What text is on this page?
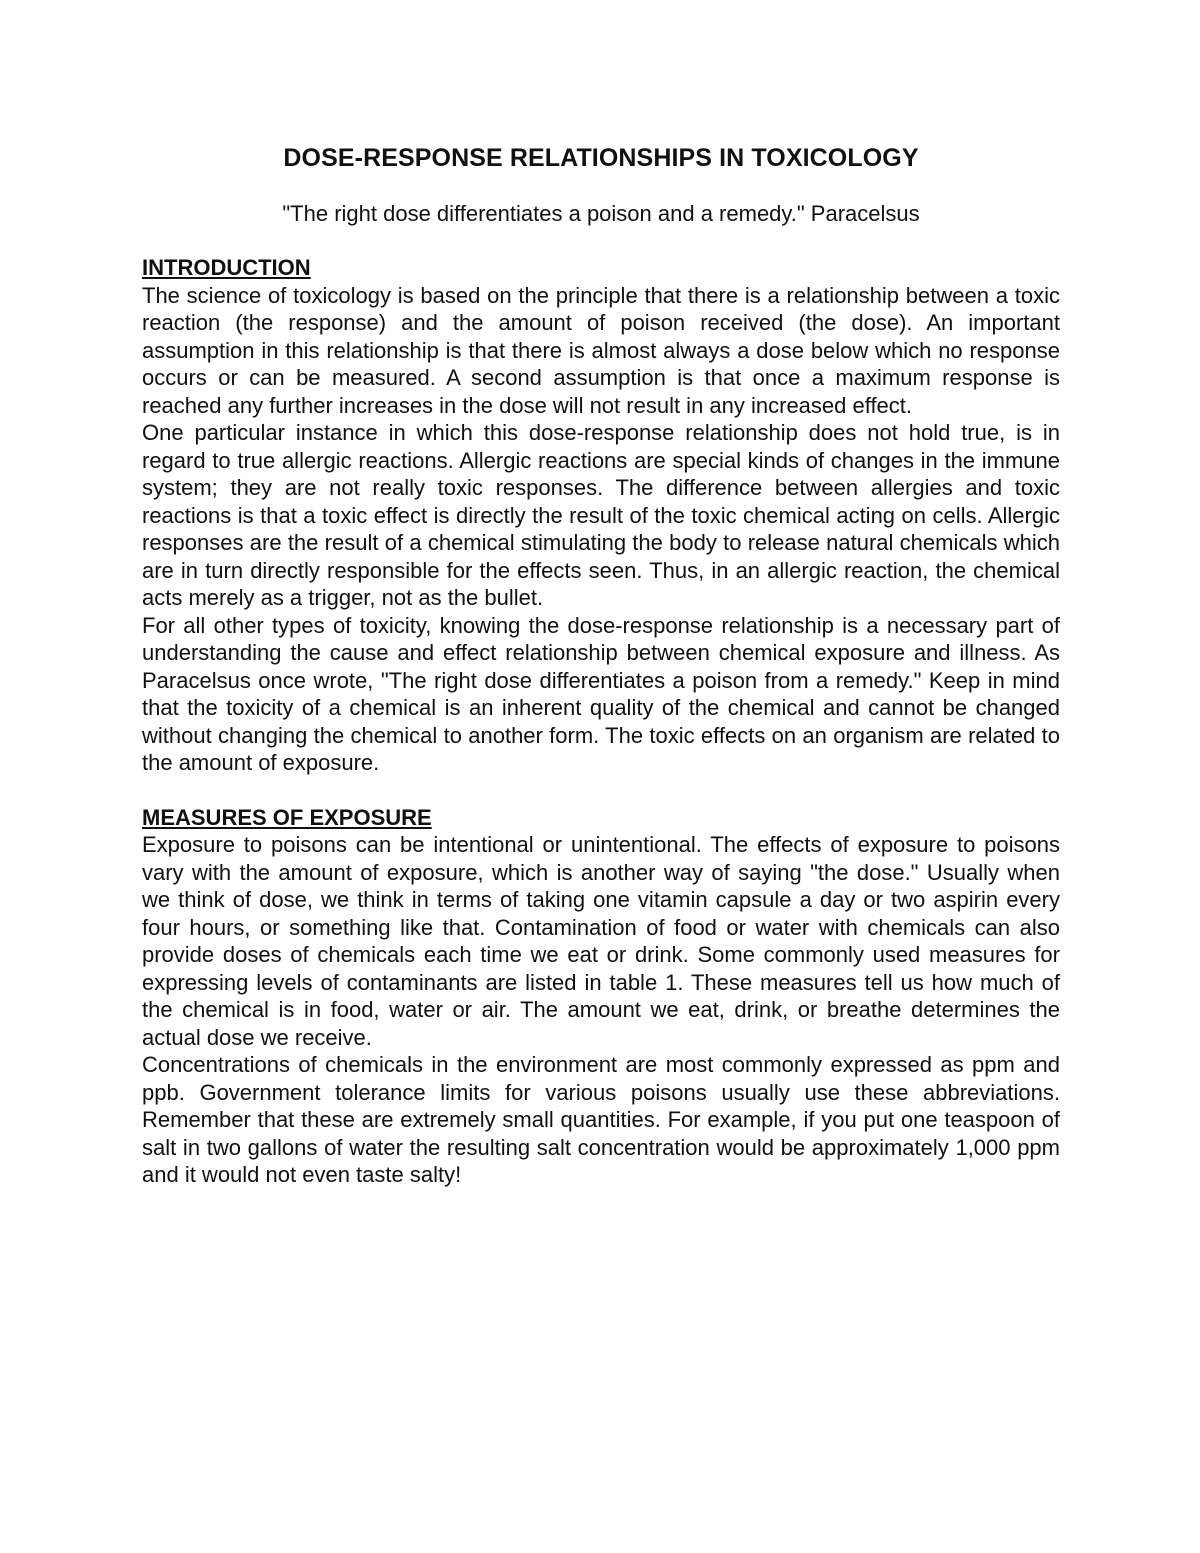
DOSE-RESPONSE RELATIONSHIPS IN TOXICOLOGY

"The right dose differentiates a poison and a remedy." Paracelsus

INTRODUCTION

The science of toxicology is based on the principle that there is a relationship between a toxic reaction (the response) and the amount of poison received (the dose). An important assumption in this relationship is that there is almost always a dose below which no response occurs or can be measured. A second assumption is that once a maximum response is reached any further increases in the dose will not result in any increased effect.

One particular instance in which this dose-response relationship does not hold true, is in regard to true allergic reactions. Allergic reactions are special kinds of changes in the immune system; they are not really toxic responses. The difference between allergies and toxic reactions is that a toxic effect is directly the result of the toxic chemical acting on cells. Allergic responses are the result of a chemical stimulating the body to release natural chemicals which are in turn directly responsible for the effects seen. Thus, in an allergic reaction, the chemical acts merely as a trigger, not as the bullet.

For all other types of toxicity, knowing the dose-response relationship is a necessary part of understanding the cause and effect relationship between chemical exposure and illness. As Paracelsus once wrote, "The right dose differentiates a poison from a remedy." Keep in mind that the toxicity of a chemical is an inherent quality of the chemical and cannot be changed without changing the chemical to another form. The toxic effects on an organism are related to the amount of exposure.

MEASURES OF EXPOSURE

Exposure to poisons can be intentional or unintentional. The effects of exposure to poisons vary with the amount of exposure, which is another way of saying "the dose." Usually when we think of dose, we think in terms of taking one vitamin capsule a day or two aspirin every four hours, or something like that. Contamination of food or water with chemicals can also provide doses of chemicals each time we eat or drink. Some commonly used measures for expressing levels of contaminants are listed in table 1. These measures tell us how much of the chemical is in food, water or air. The amount we eat, drink, or breathe determines the actual dose we receive.

Concentrations of chemicals in the environment are most commonly expressed as ppm and ppb. Government tolerance limits for various poisons usually use these abbreviations. Remember that these are extremely small quantities. For example, if you put one teaspoon of salt in two gallons of water the resulting salt concentration would be approximately 1,000 ppm and it would not even taste salty!
